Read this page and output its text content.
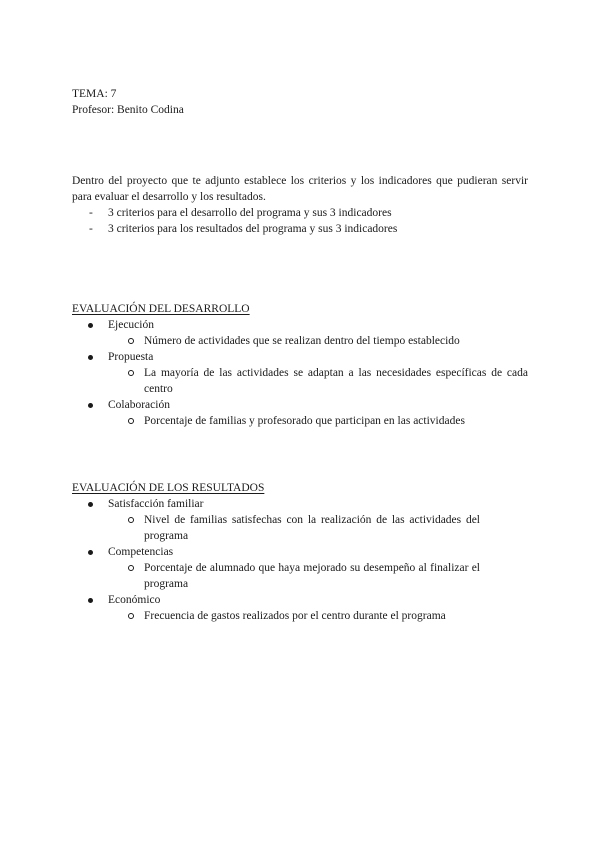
TEMA: 7
Profesor: Benito Codina

Dentro del proyecto que te adjunto establece los criterios y los indicadores que pudieran servir para evaluar el desarrollo y los resultados.

- 3 criterios para el desarrollo del programa y sus 3 indicadores
- 3 criterios para los resultados del programa y sus 3 indicadores
EVALUACIÓN DEL DESARROLLO
Ejecución
Número de actividades que se realizan dentro del tiempo establecido
Propuesta
La mayoría de las actividades se adaptan a las necesidades específicas de cada centro
Colaboración
Porcentaje de familias y profesorado que participan en las actividades
EVALUACIÓN DE LOS RESULTADOS
Satisfacción familiar
Nivel de familias satisfechas con la realización de las actividades del programa
Competencias
Porcentaje de alumnado que haya mejorado su desempeño al finalizar el programa
Económico
Frecuencia de gastos realizados por el centro durante el programa
